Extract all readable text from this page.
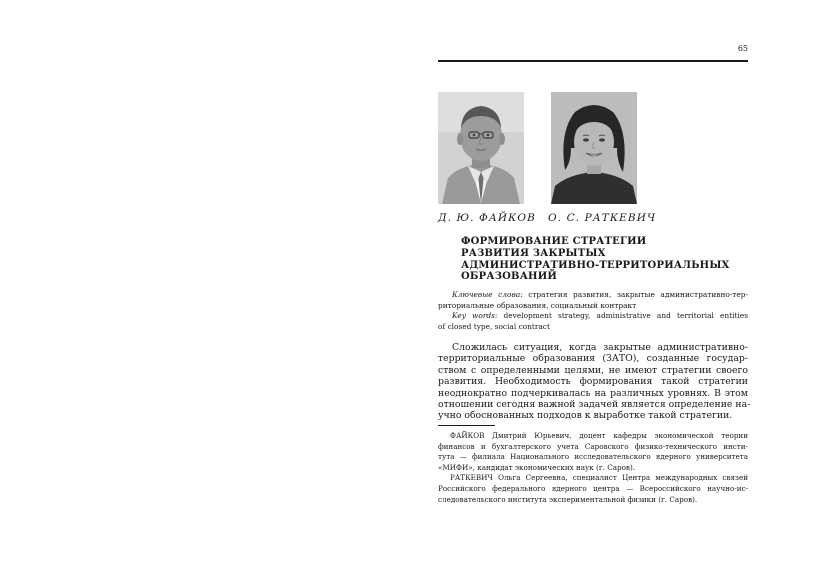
65
Д. Ю. ФАЙКОВ О. С. РАТКЕВИЧ
ФОРМИРОВАНИЕ СТРАТЕГИИ
РАЗВИТИЯ ЗАКРЫТЫХ
АДМИНИСТРАТИВНО-ТЕРРИТОРИАЛЬНЫХ
ОБРАЗОВАНИЙ
Ключевые слова: стратегия развития, закрытые административно-тер-
риториальные образования, социальный контракт
Key words: development strategy, administrative and territorial entities
of closed type, social contract
Сложилась ситуация, когда закрытые административно-
территориальные образования (ЗАТО), созданные государ-
ством с определенными целями, не имеют стратегии своего
развития. Необходимость формирования такой стратегии
неоднократно подчеркивалась на различных уровнях. В этом
отношении сегодня важной задачей является определение на-
учно обоснованных подходов к выработке такой стратегии.
ФАЙКОВ Дмитрий Юрьевич, доцент кафедры экономической теории
финансов и бухгалтерского учета Саровского физико-технического инсти-
тута — филиала Национального исследовательского ядерного университета
«МИФИ», кандидат экономических наук (г. Саров).
РАТКЕВИЧ Ольга Сергеевна, специалист Центра международных связей
Российского федерального ядерного центра — Всероссийского научно-ис-
следовательского института экспериментальной физики (г. Саров).
